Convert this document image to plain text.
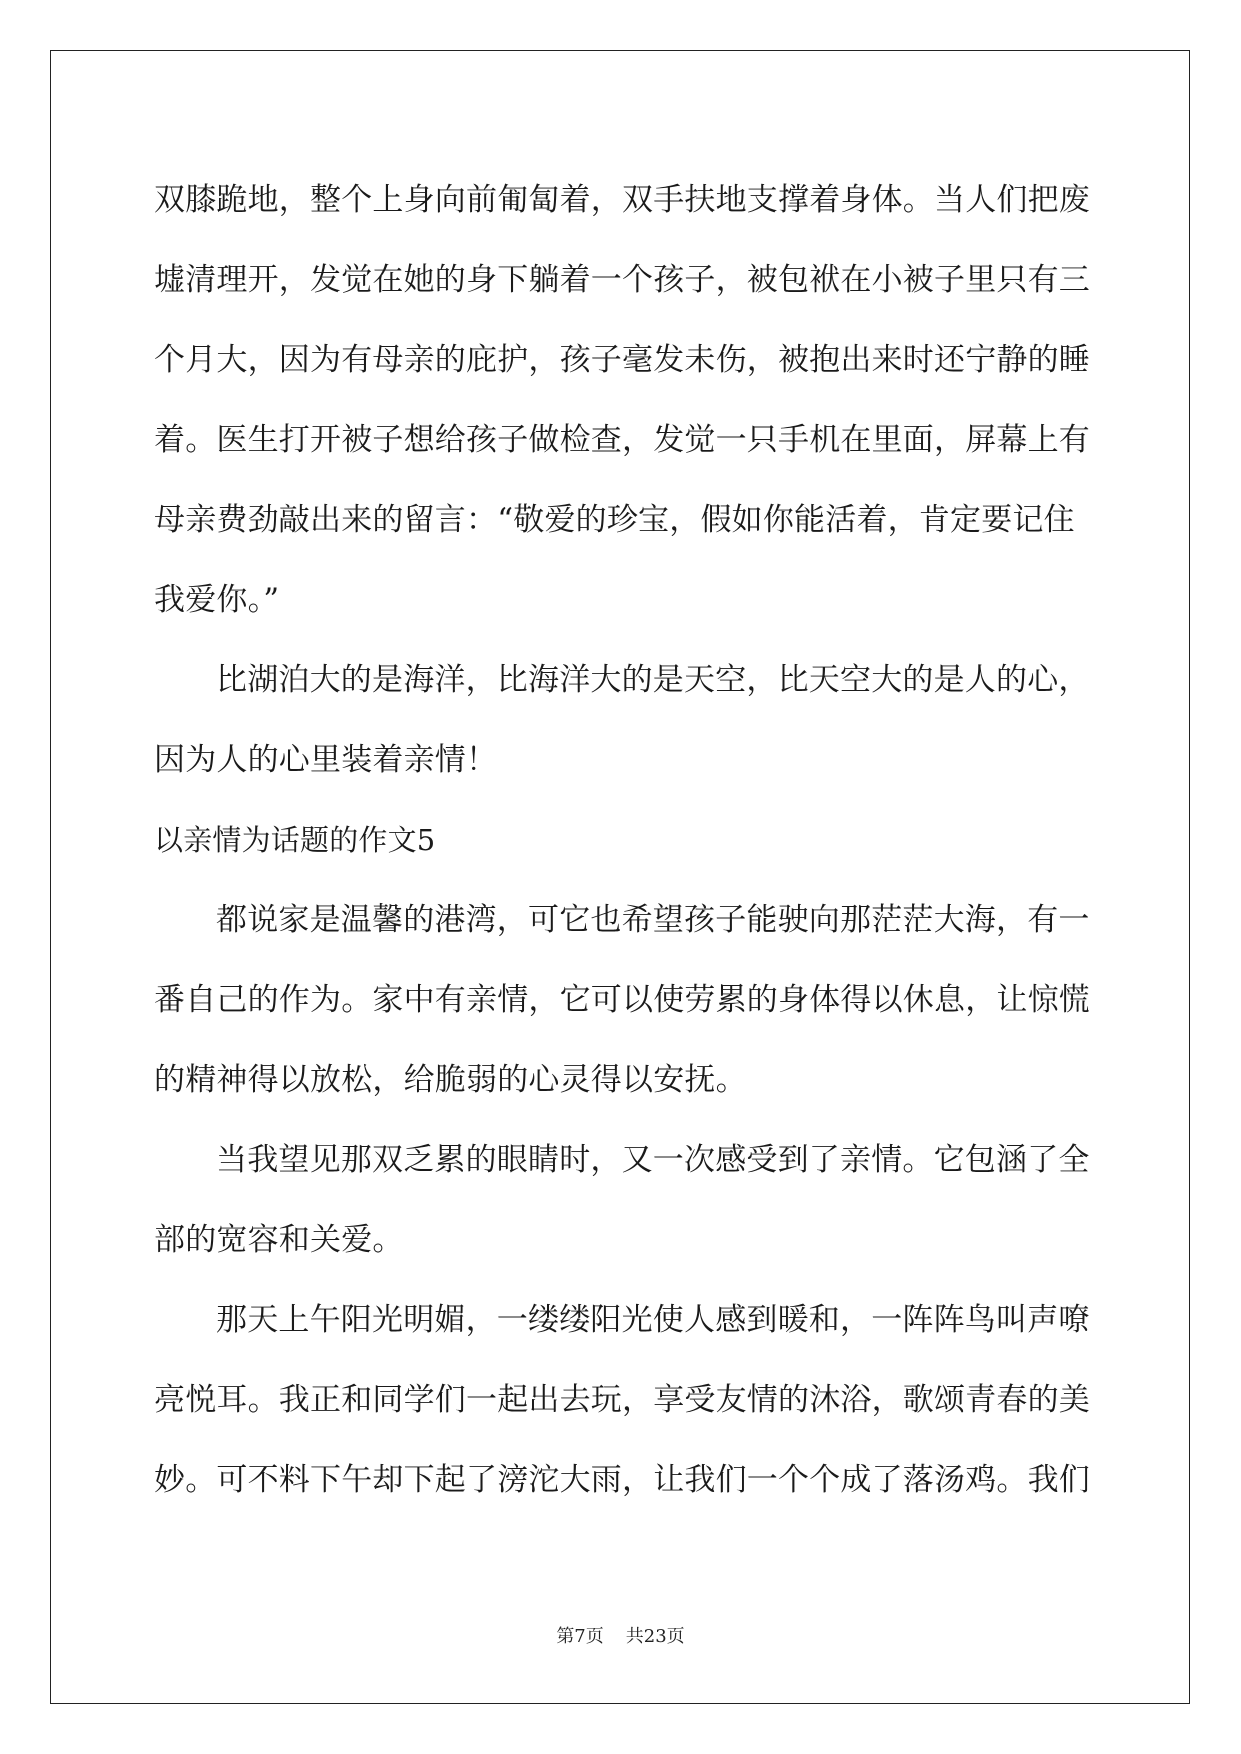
双膝跪地，整个上身向前匍匐着，双手扶地支撑着身体。当人们把废
墟清理开，发觉在她的身下躺着一个孩子，被包袱在小被子里只有三
个月大，因为有母亲的庇护，孩子毫发未伤，被抱出来时还宁静的睡
着。医生打开被子想给孩子做检查，发觉一只手机在里面，屏幕上有
母亲费劲敲出来的留言：“敬爱的珍宝，假如你能活着，肯定要记住
我爱你。”
比湖泊大的是海洋，比海洋大的是天空，比天空大的是人的心，
因为人的心里装着亲情！
以亲情为话题的作文5
都说家是温馨的港湾，可它也希望孩子能驶向那茫茫大海，有一
番自己的作为。家中有亲情，它可以使劳累的身体得以休息，让惊慌
的精神得以放松，给脆弱的心灵得以安抚。
当我望见那双乏累的眼睛时，又一次感受到了亲情。它包涵了全
部的宽容和关爱。
那天上午阳光明媚，一缕缕阳光使人感到暖和，一阵阵鸟叫声嘹
亮悦耳。我正和同学们一起出去玩，享受友情的沐浴，歌颂青春的美
妙。可不料下午却下起了滂沱大雨，让我们一个个成了落汤鸡。我们
第7页 共23页
